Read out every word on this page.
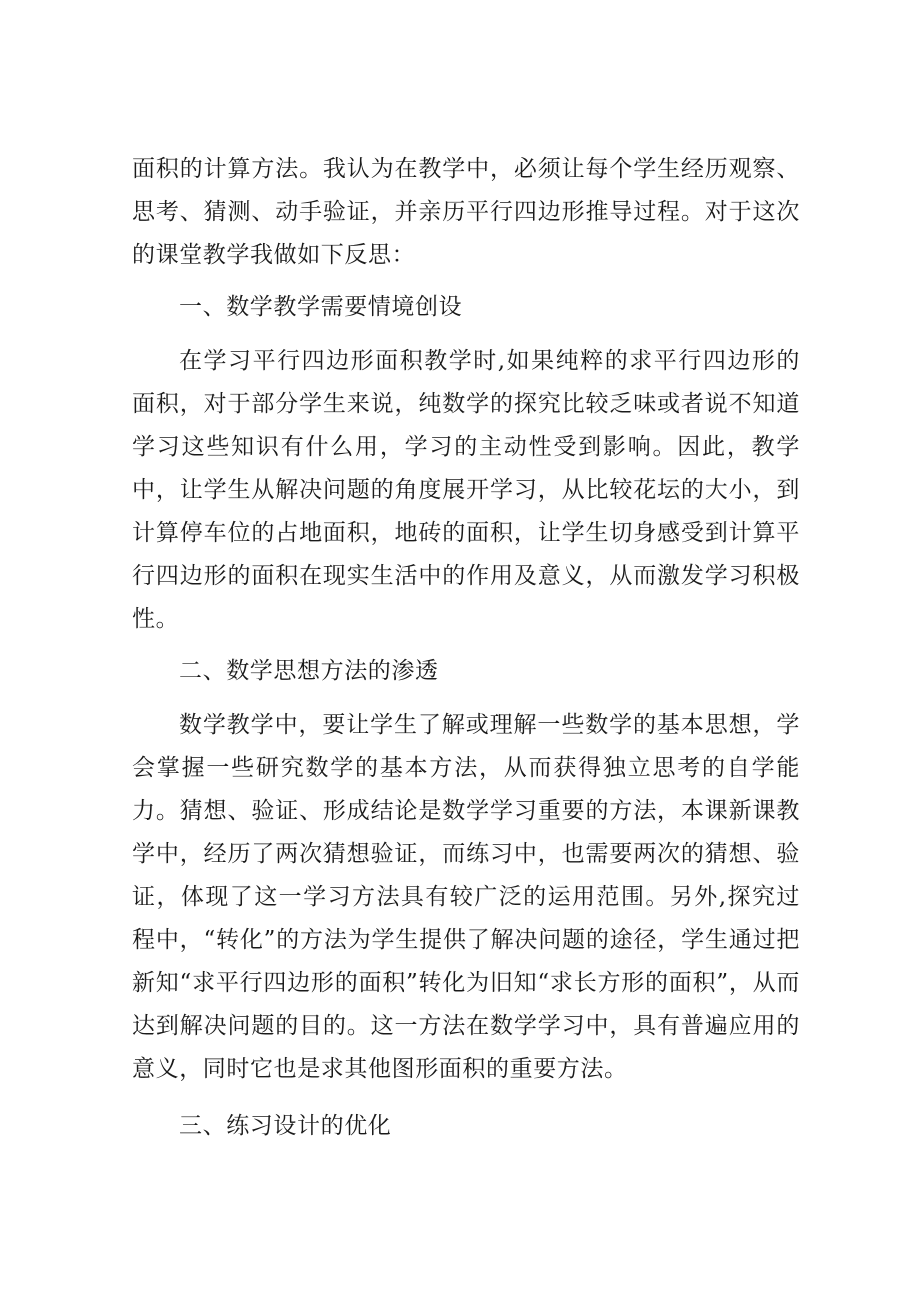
面积的计算方法。我认为在教学中，必须让每个学生经历观察、思考、猜测、动手验证，并亲历平行四边形推导过程。对于这次的课堂教学我做如下反思：

一、数学教学需要情境创设

在学习平行四边形面积教学时,如果纯粹的求平行四边形的面积，对于部分学生来说，纯数学的探究比较乏味或者说不知道学习这些知识有什么用，学习的主动性受到影响。因此，教学中，让学生从解决问题的角度展开学习，从比较花坛的大小，到计算停车位的占地面积，地砖的面积，让学生切身感受到计算平行四边形的面积在现实生活中的作用及意义，从而激发学习积极性。

二、数学思想方法的渗透

数学教学中，要让学生了解或理解一些数学的基本思想，学会掌握一些研究数学的基本方法，从而获得独立思考的自学能力。猜想、验证、形成结论是数学学习重要的方法，本课新课教学中，经历了两次猜想验证，而练习中，也需要两次的猜想、验证，体现了这一学习方法具有较广泛的运用范围。另外,探究过程中，“转化”的方法为学生提供了解决问题的途径，学生通过把新知“求平行四边形的面积”转化为旧知“求长方形的面积”，从而达到解决问题的目的。这一方法在数学学习中，具有普遍应用的意义，同时它也是求其他图形面积的重要方法。

三、练习设计的优化
